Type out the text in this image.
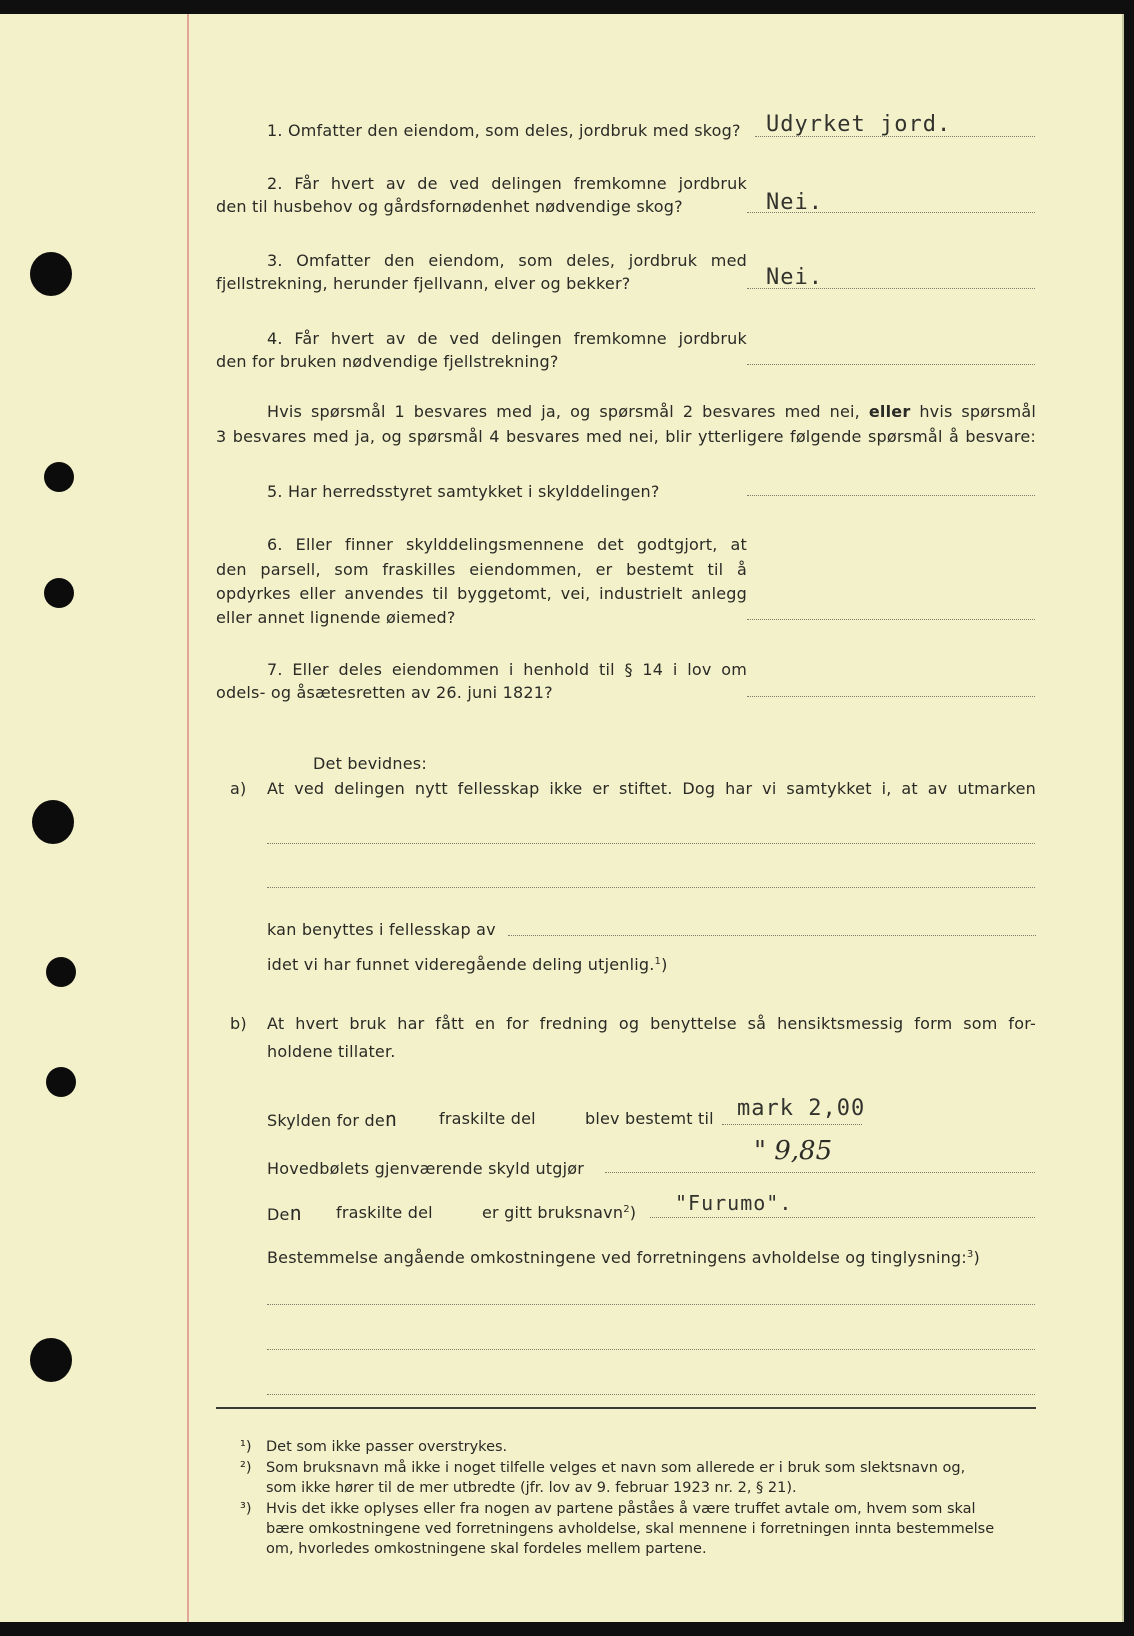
1. Omfatter den eiendom, som deles, jordbruk med skog? Udyrket jord.
2. Får hvert av de ved delingen fremkomne jordbruk
den til husbehov og gårdsfornødenhet nødvendige skog?	Nei.
3. Omfatter den eiendom, som deles, jordbruk med
fjellstrekning, herunder fjellvann, elver og bekker?	Nei.
4. Får hvert av de ved delingen fremkomne jordbruk
den for bruken nødvendige fjellstrekning?
Hvis spørsmål 1 besvares med ja, og spørsmål 2 besvares med nei, eller hvis spørsmål
3 besvares med ja, og spørsmål 4 besvares med nei, blir ytterligere følgende spørsmål å besvare:
5. Har herredsstyret samtykket i skylddelingen?
6. Eller finner skylddelingsmennene det godtgjort, at
den parsell, som fraskilles eiendommen, er bestemt til å
opdyrkes eller anvendes til byggetomt, vei, industrielt anlegg
eller annet lignende øiemed?
7. Eller deles eiendommen i henhold til § 14 i lov om
odels- og åsætesretten av 26. juni 1821?
Det bevidnes:
a) At ved delingen nytt fellesskap ikke er stiftet. Dog har vi samtykket i, at av utmarken
kan benyttes i fellesskap av
idet vi har funnet videregående deling utjenlig.$^1$)
b) At hvert bruk har fått en for fredning og benyttelse så hensiktsmessig form som for-
holdene tillater.
Skylden for den	fraskilte del	blev bestemt til mark 2,00
Hovedbølets gjenværende skyld utgjør
" 9,85
Den fraskilte del	er gitt bruksnavn$^2$) "Furumo".
Bestemmelse angående omkostningene ved forretningens avholdelse og tinglysning:$^3$)
¹) Det som ikke passer overstrykes.
²) Som bruksnavn må ikke i noget tilfelle velges et navn som allerede er i bruk som slektsnavn og,
som ikke hører til de mer utbredte (jfr. lov av 9. februar 1923 nr. 2, § 21).
³) Hvis det ikke oplyses eller fra nogen av partene påståes å være truffet avtale om, hvem som skal
bære omkostningene ved forretningens avholdelse, skal mennene i forretningen innta bestemmelse
om, hvorledes omkostningene skal fordeles mellem partene.
